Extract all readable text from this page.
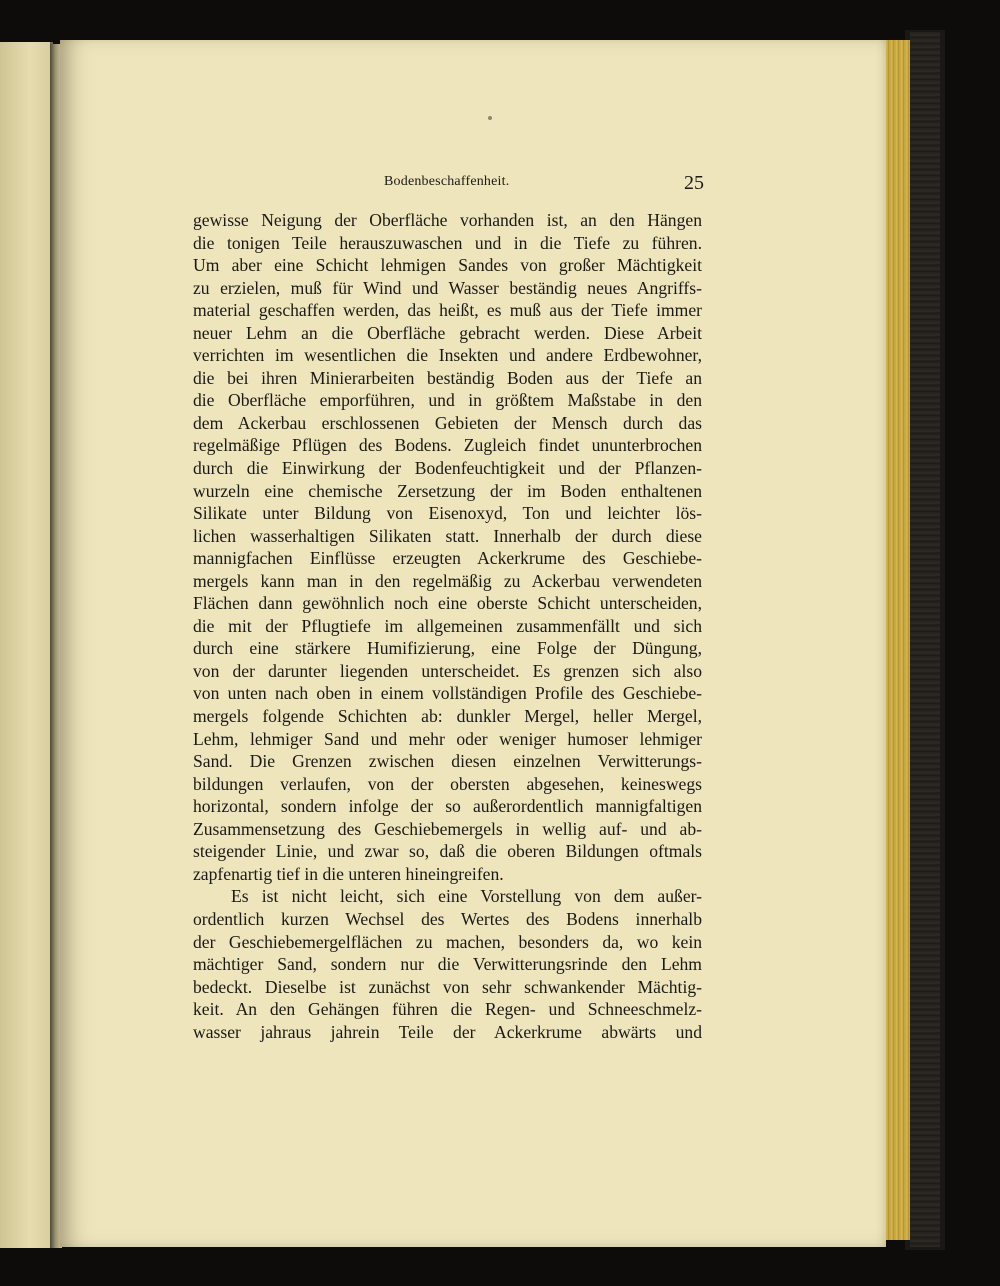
Bodenbeschaffenheit.	25
gewisse Neigung der Oberfläche vorhanden ist, an den Hängen
die tonigen Teile herauszuwaschen und in die Tiefe zu führen.
Um aber eine Schicht lehmigen Sandes von großer Mächtigkeit
zu erzielen, muß für Wind und Wasser beständig neues Angriffs-
material geschaffen werden, das heißt, es muß aus der Tiefe immer
neuer Lehm an die Oberfläche gebracht werden. Diese Arbeit
verrichten im wesentlichen die Insekten und andere Erdbewohner,
die bei ihren Minierarbeiten beständig Boden aus der Tiefe an
die Oberfläche emporführen, und in größtem Maßstabe in den
dem Ackerbau erschlossenen Gebieten der Mensch durch das
regelmäßige Pflügen des Bodens. Zugleich findet ununterbrochen
durch die Einwirkung der Bodenfeuchtigkeit und der Pflanzen-
wurzeln eine chemische Zersetzung der im Boden enthaltenen
Silikate unter Bildung von Eisenoxyd, Ton und leichter lös-
lichen wasserhaltigen Silikaten statt. Innerhalb der durch diese
mannigfachen Einflüsse erzeugten Ackerkrume des Geschiebe-
mergels kann man in den regelmäßig zu Ackerbau verwendeten
Flächen dann gewöhnlich noch eine oberste Schicht unterscheiden,
die mit der Pflugtiefe im allgemeinen zusammenfällt und sich
durch eine stärkere Humifizierung, eine Folge der Düngung,
von der darunter liegenden unterscheidet. Es grenzen sich also
von unten nach oben in einem vollständigen Profile des Geschiebe-
mergels folgende Schichten ab: dunkler Mergel, heller Mergel,
Lehm, lehmiger Sand und mehr oder weniger humoser lehmiger
Sand. Die Grenzen zwischen diesen einzelnen Verwitterungs-
bildungen verlaufen, von der obersten abgesehen, keineswegs
horizontal, sondern infolge der so außerordentlich mannigfaltigen
Zusammensetzung des Geschiebemergels in wellig auf- und ab-
steigender Linie, und zwar so, daß die oberen Bildungen oftmals
zapfenartig tief in die unteren hineingreifen.
Es ist nicht leicht, sich eine Vorstellung von dem außer-
ordentlich kurzen Wechsel des Wertes des Bodens innerhalb
der Geschiebemergelflächen zu machen, besonders da, wo kein
mächtiger Sand, sondern nur die Verwitterungsrinde den Lehm
bedeckt. Dieselbe ist zunächst von sehr schwankender Mächtig-
keit. An den Gehängen führen die Regen- und Schneeschmelz-
wasser jahraus jahrein Teile der Ackerkrume abwärts und
